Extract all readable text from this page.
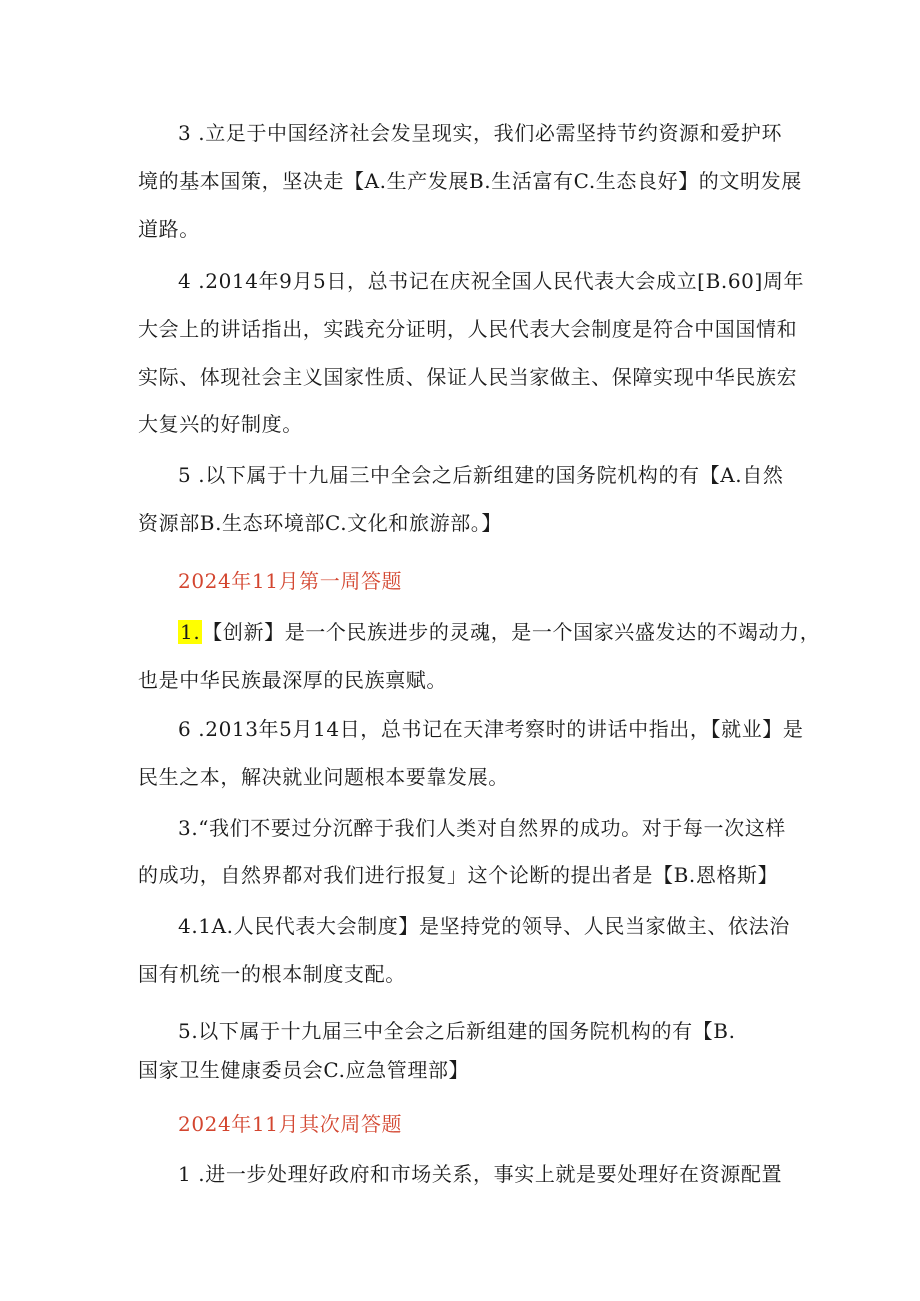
3 .立足于中国经济社会发呈现实，我们必需坚持节约资源和爱护环
境的基本国策，坚决走【A.生产发展B.生活富有C.生态良好】的文明发展
道路。
4 .2014年9月5日，总书记在庆祝全国人民代表大会成立[B.60]周年
大会上的讲话指出，实践充分证明，人民代表大会制度是符合中国国情和
实际、体现社会主义国家性质、保证人民当家做主、保障实现中华民族宏
大复兴的好制度。
5 .以下属于十九届三中全会之后新组建的国务院机构的有【A.自然
资源部B.生态环境部C.文化和旅游部。】
2024年11月第一周答题
1. 【创新】是一个民族进步的灵魂，是一个国家兴盛发达的不竭动力，
也是中华民族最深厚的民族禀赋。
6 .2013年5月14日，总书记在天津考察时的讲话中指出，【就业】是
民生之本，解决就业问题根本要靠发展。
3.“我们不要过分沉醉于我们人类对自然界的成功。对于每一次这样
的成功，自然界都对我们进行报复」这个论断的提出者是【B.恩格斯】
4.1A.人民代表大会制度】是坚持党的领导、人民当家做主、依法治
国有机统一的根本制度支配。
5.以下属于十九届三中全会之后新组建的国务院机构的有【B.
国家卫生健康委员会C.应急管理部】
2024年11月其次周答题
1 .进一步处理好政府和市场关系，事实上就是要处理好在资源配置
